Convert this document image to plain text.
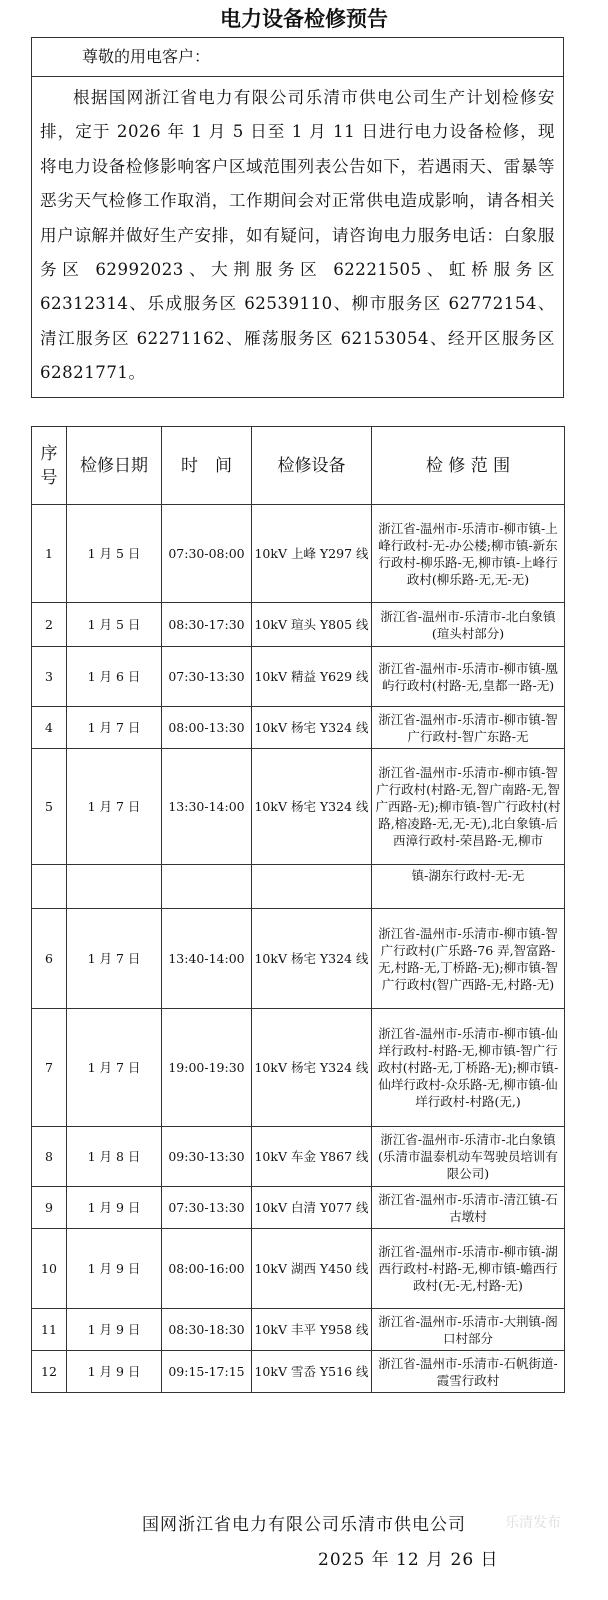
电力设备检修预告
尊敬的用电客户：
根据国网浙江省电力有限公司乐清市供电公司生产计划检修安排，定于 2026 年 1 月 5 日至 1 月 11 日进行电力设备检修，现将电力设备检修影响客户区域范围列表公告如下，若遇雨天、雷暴等恶劣天气检修工作取消，工作期间会对正常供电造成影响，请各相关用户谅解并做好生产安排，如有疑问，请咨询电力服务电话：白象服务区 62992023、大荆服务区 62221505、虹桥服务区 62312314、乐成服务区 62539110、柳市服务区 62772154、清江服务区 62271162、雁荡服务区 62153054、经开区服务区 62821771。
序号	检修日期	时　间	检修设备	检 修 范 围
1	1 月 5 日	07:30-08:00	10kV 上峰 Y297 线	浙江省-温州市-乐清市-柳市镇-上峰行政村-无-办公楼;柳市镇-新东行政村-柳乐路-无,柳市镇-上峰行政村(柳乐路-无,无-无)
2	1 月 5 日	08:30-17:30	10kV 瑄头 Y805 线	浙江省-温州市-乐清市-北白象镇(瑄头村部分)
3	1 月 6 日	07:30-13:30	10kV 精益 Y629 线	浙江省-温州市-乐清市-柳市镇-凰屿行政村(村路-无,皇都一路-无)
4	1 月 7 日	08:00-13:30	10kV 杨宅 Y324 线	浙江省-温州市-乐清市-柳市镇-智广行政村-智广东路-无
5	1 月 7 日	13:30-14:00	10kV 杨宅 Y324 线	浙江省-温州市-乐清市-柳市镇-智广行政村(村路-无,智广南路-无,智广西路-无);柳市镇-智广行政村(村路,榕凌路-无,无-无),北白象镇-后西漳行政村-荣昌路-无,柳市
				镇-湖东行政村-无-无
6	1 月 7 日	13:40-14:00	10kV 杨宅 Y324 线	浙江省-温州市-乐清市-柳市镇-智广行政村(广乐路-76 弄,智富路-无,村路-无,丁桥路-无);柳市镇-智广行政村(智广西路-无,村路-无)
7	1 月 7 日	19:00-19:30	10kV 杨宅 Y324 线	浙江省-温州市-乐清市-柳市镇-仙垟行政村-村路-无,柳市镇-智广行政村(村路-无,丁桥路-无);柳市镇-仙垟行政村-众乐路-无,柳市镇-仙垟行政村-村路(无,)
8	1 月 8 日	09:30-13:30	10kV 车金 Y867 线	浙江省-温州市-乐清市-北白象镇(乐清市温泰机动车驾驶员培训有限公司)
9	1 月 9 日	07:30-13:30	10kV 白清 Y077 线	浙江省-温州市-乐清市-清江镇-石古墩村
10	1 月 9 日	08:00-16:00	10kV 湖西 Y450 线	浙江省-温州市-乐清市-柳市镇-湖西行政村-村路-无,柳市镇-蟾西行政村(无-无,村路-无)
11	1 月 9 日	08:30-18:30	10kV 丰平 Y958 线	浙江省-温州市-乐清市-大荆镇-阁口村部分
12	1 月 9 日	09:15-17:15	10kV 雪岙 Y516 线	浙江省-温州市-乐清市-石帆街道-霞雪行政村
国网浙江省电力有限公司乐清市供电公司	乐清发布
2025 年 12 月 26 日
